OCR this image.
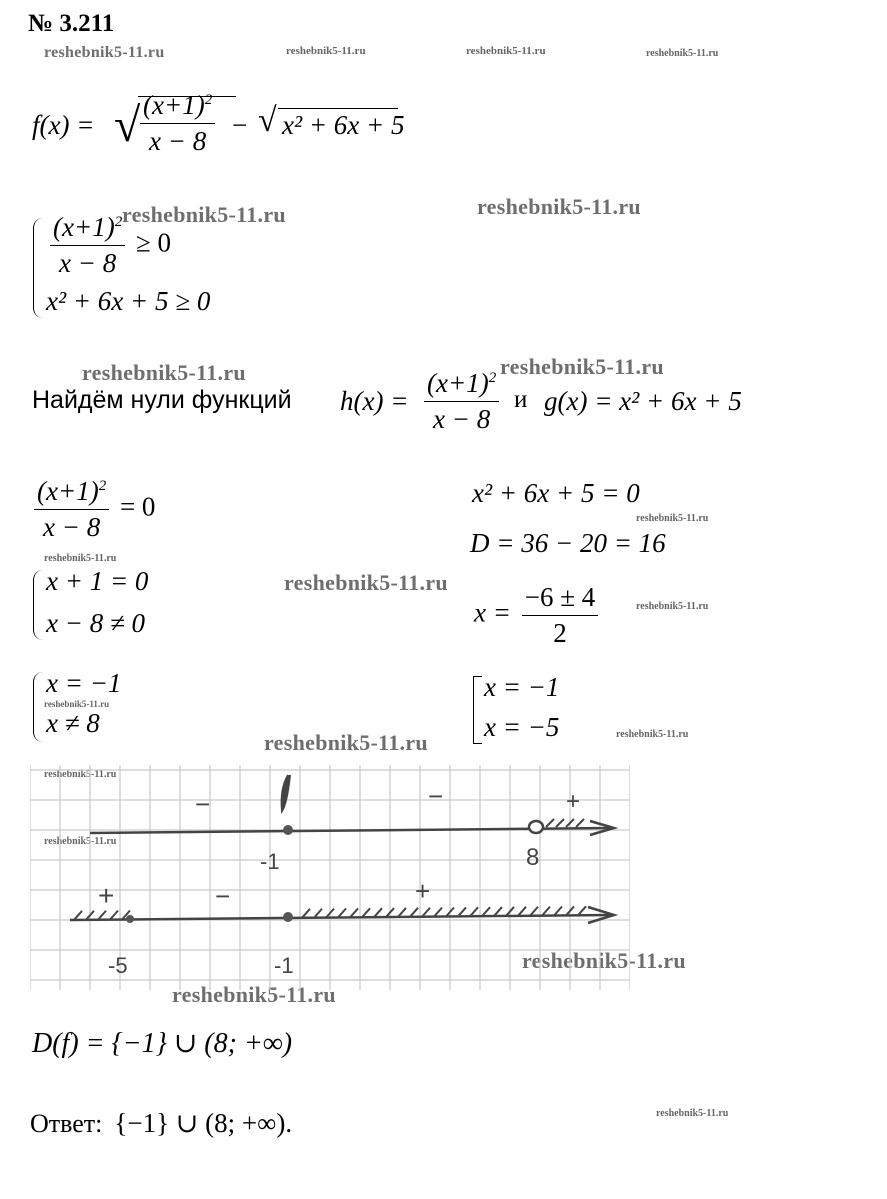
№ 3.211
reshebnik5-11.ru	reshebnik5-11.ru	reshebnik5-11.ru	reshebnik5-11.ru
reshebnik5-11.ru	reshebnik5-11.ru
reshebnik5-11.ru	reshebnik5-11.ru
reshebnik5-11.ru
reshebnik5-11.ru
reshebnik5-11.ru
reshebnik5-11.ru
reshebnik5-11.ru
reshebnik5-11.ru
reshebnik5-11.ru
reshebnik5-11.ru
reshebnik5-11.ru
reshebnik5-11.ru
reshebnik5-11.ru
reshebnik5-11.ru
f(x) = √ $\frac{(x+1)^2}{x - 8}$ − √ x² + 6x + 5
$\frac{(x+1)^2}{x - 8} \ge 0$
x² + 6x + 5 ≥ 0
Найдём нули функций $h(x) = \frac{(x+1)^2}{x - 8}$ и g(x) = x² + 6x + 5
$\frac{(x+1)^2}{x - 8} = 0$
x + 1 = 0
x − 8 ≠ 0
x = −1
x ≠ 8
x² + 6x + 5 = 0
D = 36 − 20 = 16
$x = \frac{-6 \pm 4}{2}$
x = −1
x = −5
−	−	+
-1	8
+	−	+
-5	-1
D(f) = {−1} ∪ (8; +∞)
Ответ: {−1} ∪ (8; +∞).
